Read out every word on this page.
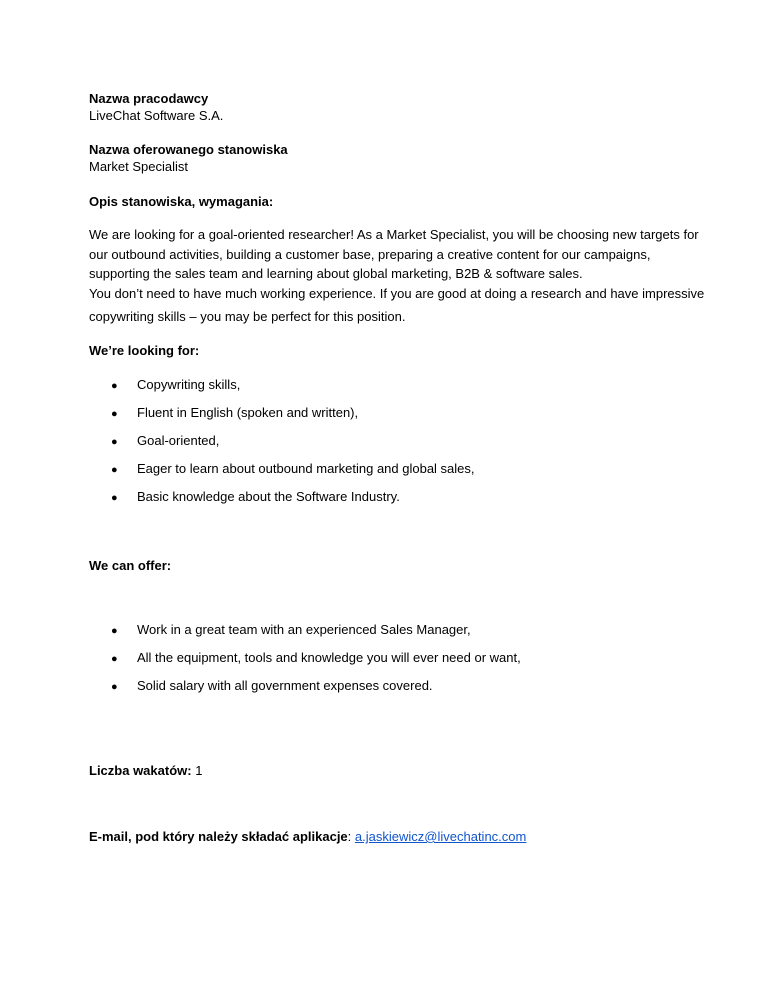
Nazwa pracodawcy
LiveChat Software S.A.
Nazwa oferowanego stanowiska
Market Specialist
Opis stanowiska, wymagania:
We are looking for a goal-oriented researcher! As a Market Specialist, you will be choosing new targets for
our outbound activities, building a customer base, preparing a creative content for our campaigns,
supporting the sales team and learning about global marketing, B2B & software sales.
You don’t need to have much working experience. If you are good at doing a research and have impressive
copywriting skills – you may be perfect for this position.
We’re looking for:
● Copywriting skills,
● Fluent in English (spoken and written),
● Goal-oriented,
● Eager to learn about outbound marketing and global sales,
● Basic knowledge about the Software Industry.
We can offer:
● Work in a great team with an experienced Sales Manager,
● All the equipment, tools and knowledge you will ever need or want,
● Solid salary with all government expenses covered.
Liczba wakatów: 1
E-mail, pod który należy składać aplikacje: a.jaskiewicz@livechatinc.com
